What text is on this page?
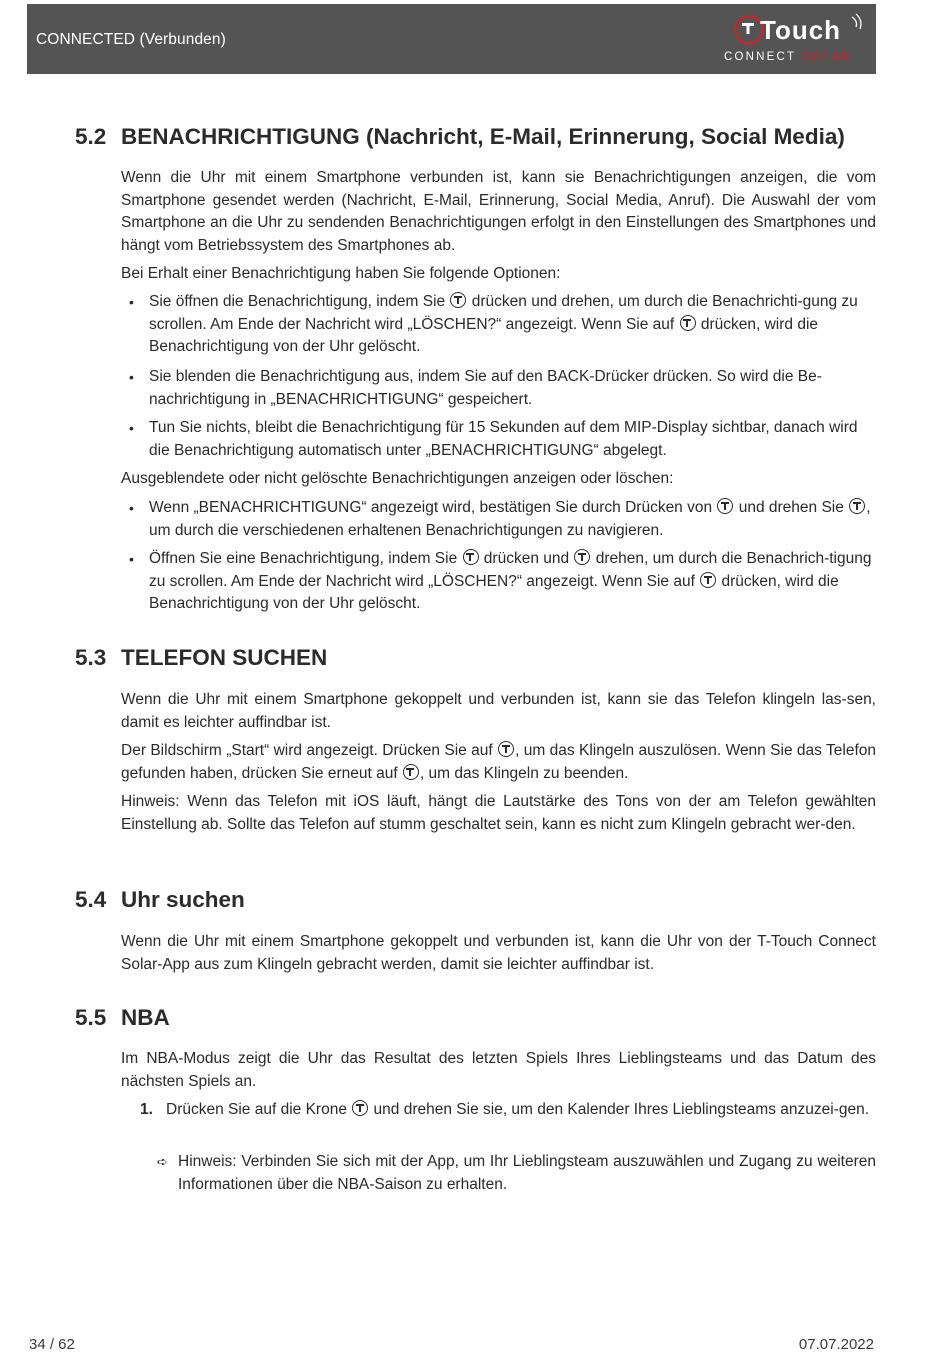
CONNECTED (Verbunden)	Touch
CONNECT SOLAR
5.2 BENACHRICHTIGUNG (Nachricht, E-Mail, Erinnerung, Social Media)
Wenn die Uhr mit einem Smartphone verbunden ist, kann sie Benachrichtigungen anzeigen, die vom Smartphone gesendet werden (Nachricht, E-Mail, Erinnerung, Social Media, Anruf). Die Auswahl der vom Smartphone an die Uhr zu sendenden Benachrichtigungen erfolgt in den Einstellungen des Smartphones und hängt vom Betriebssystem des Smartphones ab.
Bei Erhalt einer Benachrichtigung haben Sie folgende Optionen:
• Sie öffnen die Benachrichtigung, indem Sie  drücken und drehen, um durch die Benachrichti-gung zu scrollen. Am Ende der Nachricht wird „LÖSCHEN?“ angezeigt. Wenn Sie auf  drücken, wird die Benachrichtigung von der Uhr gelöscht.
• Sie blenden die Benachrichtigung aus, indem Sie auf den BACK-Drücker drücken. So wird die Be-nachrichtigung in „BENACHRICHTIGUNG“ gespeichert.
• Tun Sie nichts, bleibt die Benachrichtigung für 15 Sekunden auf dem MIP-Display sichtbar, danach wird die Benachrichtigung automatisch unter „BENACHRICHTIGUNG“ abgelegt.
Ausgeblendete oder nicht gelöschte Benachrichtigungen anzeigen oder löschen:
• Wenn „BENACHRICHTIGUNG“ angezeigt wird, bestätigen Sie durch Drücken von  und drehen Sie , um durch die verschiedenen erhaltenen Benachrichtigungen zu navigieren.
• Öffnen Sie eine Benachrichtigung, indem Sie  drücken und  drehen, um durch die Benachrich-tigung zu scrollen. Am Ende der Nachricht wird „LÖSCHEN?“ angezeigt. Wenn Sie auf  drücken, wird die Benachrichtigung von der Uhr gelöscht.
5.3 TELEFON SUCHEN
Wenn die Uhr mit einem Smartphone gekoppelt und verbunden ist, kann sie das Telefon klingeln las-sen, damit es leichter auffindbar ist.
Der Bildschirm „Start“ wird angezeigt. Drücken Sie auf , um das Klingeln auszulösen. Wenn Sie das Telefon gefunden haben, drücken Sie erneut auf , um das Klingeln zu beenden.
Hinweis: Wenn das Telefon mit iOS läuft, hängt die Lautstärke des Tons von der am Telefon gewählten Einstellung ab. Sollte das Telefon auf stumm geschaltet sein, kann es nicht zum Klingeln gebracht wer-den.
5.4 Uhr suchen
Wenn die Uhr mit einem Smartphone gekoppelt und verbunden ist, kann die Uhr von der T-Touch Connect Solar-App aus zum Klingeln gebracht werden, damit sie leichter auffindbar ist.
5.5 NBA
Im NBA-Modus zeigt die Uhr das Resultat des letzten Spiels Ihres Lieblingsteams und das Datum des nächsten Spiels an.
1. Drücken Sie auf die Krone  und drehen Sie sie, um den Kalender Ihres Lieblingsteams anzuzei-gen.
➪ Hinweis: Verbinden Sie sich mit der App, um Ihr Lieblingsteam auszuwählen und Zugang zu weiteren Informationen über die NBA-Saison zu erhalten.
34 / 62	07.07.2022
